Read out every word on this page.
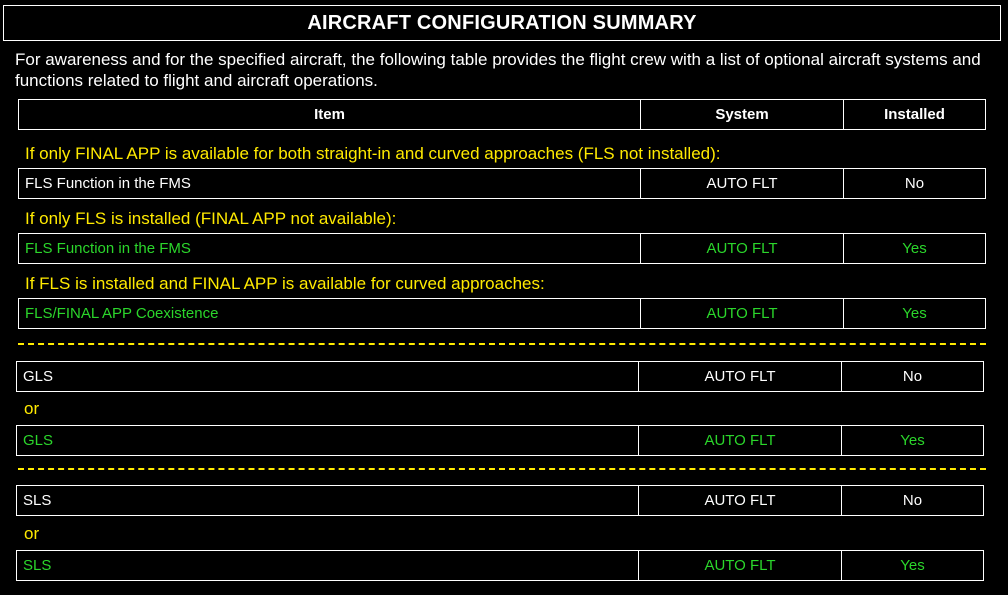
AIRCRAFT CONFIGURATION SUMMARY
For awareness and for the specified aircraft, the following table provides the flight crew with a list of optional aircraft systems and functions related to flight and aircraft operations.
Item	System	Installed
If only FINAL APP is available for both straight-in and curved approaches (FLS not installed):
FLS Function in the FMS	AUTO FLT	No
If only FLS is installed (FINAL APP not available):
FLS Function in the FMS	AUTO FLT	Yes
If FLS is installed and FINAL APP is available for curved approaches:
FLS/FINAL APP Coexistence	AUTO FLT	Yes
GLS	AUTO FLT	No
or
GLS	AUTO FLT	Yes
SLS	AUTO FLT	No
or
SLS	AUTO FLT	Yes
